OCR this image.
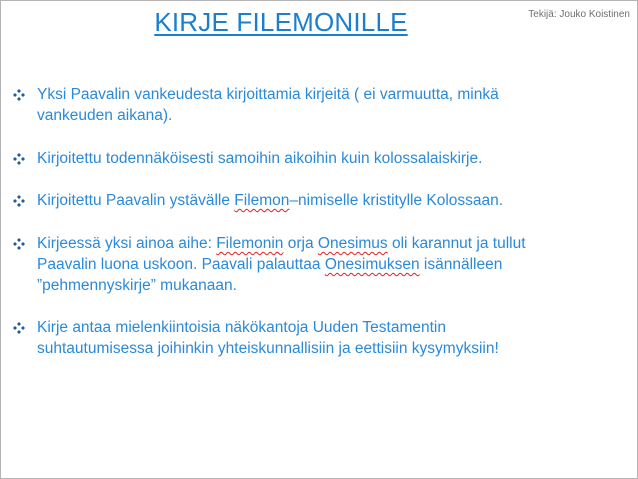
KIRJE FILEMONILLE	Tekijä: Jouko Koistinen
Yksi Paavalin vankeudesta kirjoittamia kirjeitä ( ei varmuutta, minkä
vankeuden aikana).
Kirjoitettu todennäköisesti samoihin aikoihin kuin kolossalaiskirje.
Kirjoitettu Paavalin ystävälle Filemon–nimiselle kristitylle Kolossaan.
Kirjeessä yksi ainoa aihe: Filemonin orja Onesimus oli karannut ja tullut
Paavalin luona uskoon. Paavali palauttaa Onesimuksen isännälleen
”pehmennyskirje” mukanaan.
Kirje antaa mielenkiintoisia näkökantoja Uuden Testamentin
suhtautumisessa joihinkin yhteiskunnallisiin ja eettisiin kysymyksiin!
